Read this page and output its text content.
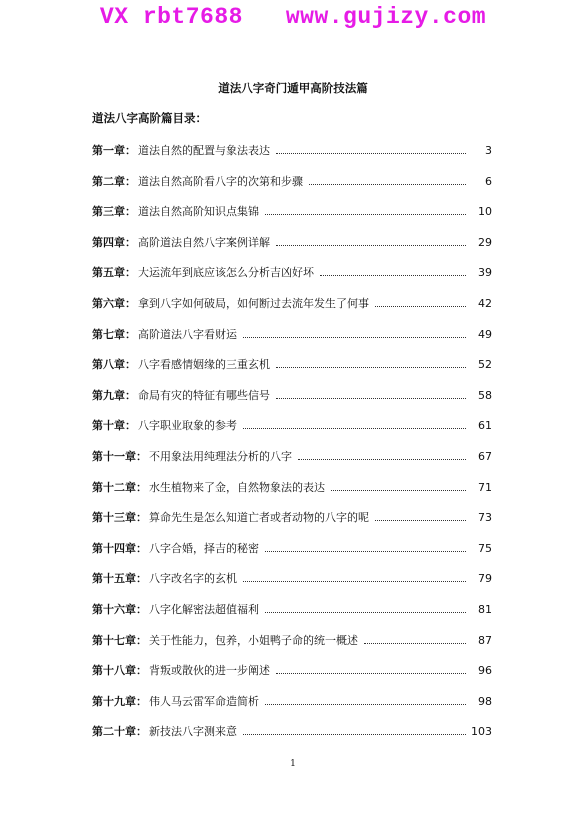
VX rbt7688   www.gujizy.com
道法八字奇门遁甲高阶技法篇
道法八字高阶篇目录：
第一章： 道法自然的配置与象法表达	3
第二章： 道法自然高阶看八字的次第和步骤	6
第三章： 道法自然高阶知识点集锦	10
第四章： 高阶道法自然八字案例详解	29
第五章： 大运流年到底应该怎么分析吉凶好坏	39
第六章： 拿到八字如何破局，如何断过去流年发生了何事	42
第七章： 高阶道法八字看财运	49
第八章： 八字看感情姻缘的三重玄机	52
第九章： 命局有灾的特征有哪些信号	58
第十章： 八字职业取象的参考	61
第十一章： 不用象法用纯理法分析的八字	67
第十二章： 水生植物来了金，自然物象法的表达	71
第十三章： 算命先生是怎么知道亡者或者动物的八字的呢	73
第十四章： 八字合婚，择吉的秘密	75
第十五章： 八字改名字的玄机	79
第十六章： 八字化解密法超值福利	81
第十七章： 关于性能力，包养，小姐鸭子命的统一概述	87
第十八章： 背叛或散伙的进一步阐述	96
第十九章： 伟人马云雷军命造简析	98
第二十章： 新技法八字测来意	103
1
